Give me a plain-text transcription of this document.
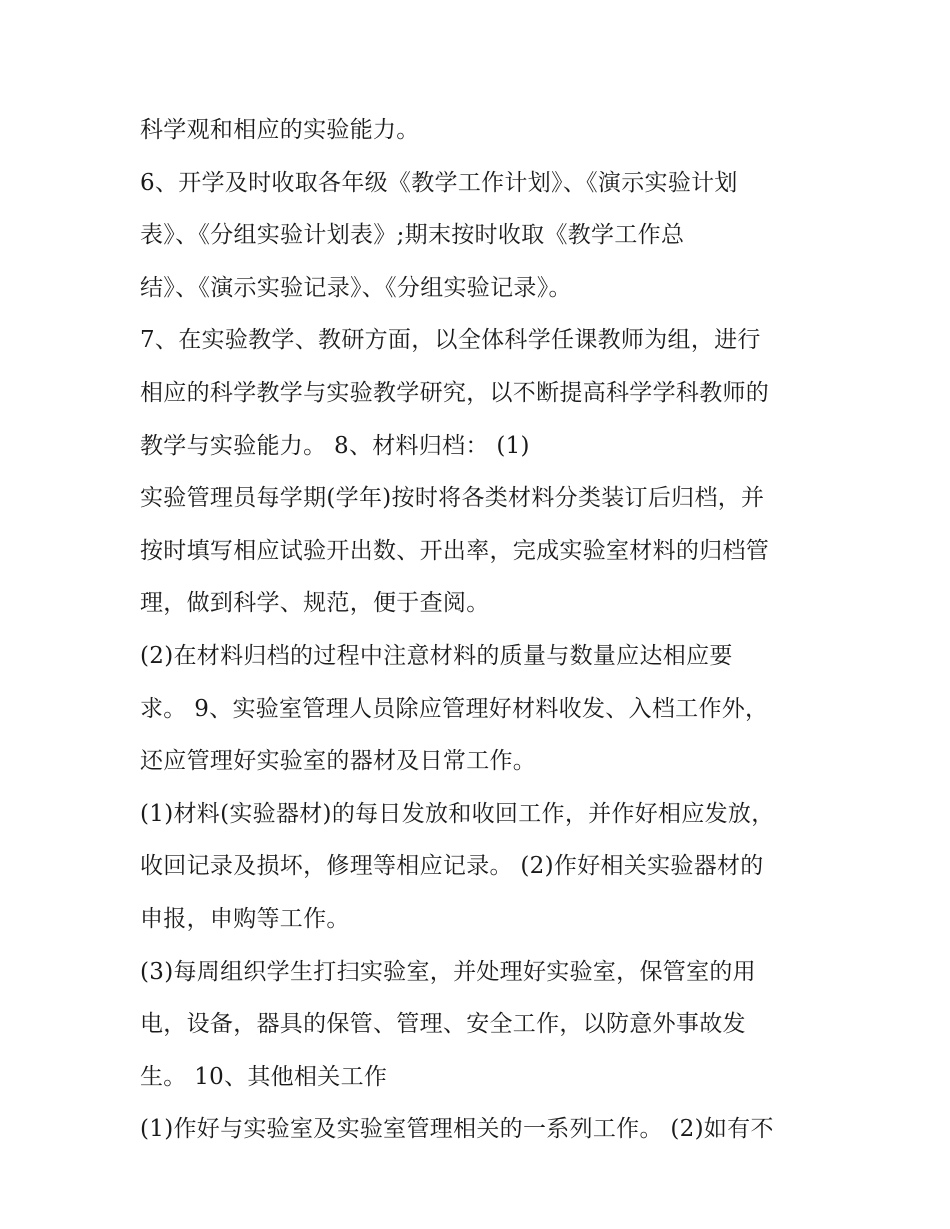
科学观和相应的实验能力。
6、开学及时收取各年级《教学工作计划》、《演示实验计划
表》、《分组实验计划表》;期末按时收取《教学工作总
结》、《演示实验记录》、《分组实验记录》。
7、在实验教学、教研方面，以全体科学任课教师为组，进行
相应的科学教学与实验教学研究，以不断提高科学学科教师的
教学与实验能力。 8、材料归档： (1)
实验管理员每学期(学年)按时将各类材料分类装订后归档，并
按时填写相应试验开出数、开出率，完成实验室材料的归档管
理，做到科学、规范，便于查阅。
(2)在材料归档的过程中注意材料的质量与数量应达相应要
求。 9、实验室管理人员除应管理好材料收发、入档工作外，
还应管理好实验室的器材及日常工作。
(1)材料(实验器材)的每日发放和收回工作，并作好相应发放，
收回记录及损坏，修理等相应记录。 (2)作好相关实验器材的
申报，申购等工作。
(3)每周组织学生打扫实验室，并处理好实验室，保管室的用
电，设备，器具的保管、管理、安全工作，以防意外事故发
生。 10、其他相关工作
(1)作好与实验室及实验室管理相关的一系列工作。 (2)如有不
